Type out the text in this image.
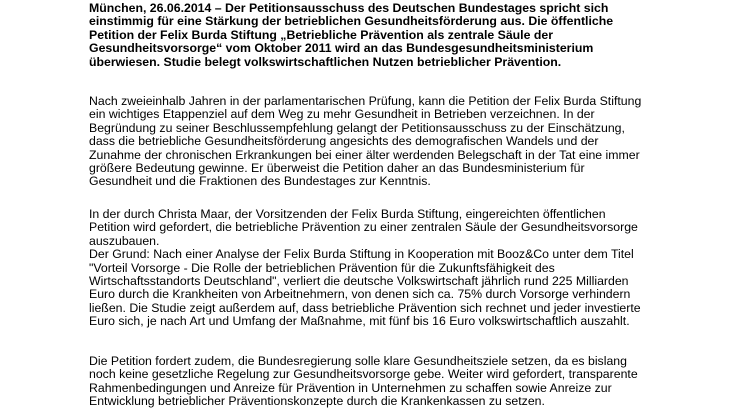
München, 26.06.2014 – Der Petitionsausschuss des Deutschen Bundestages spricht sich
einstimmig für eine Stärkung der betrieblichen Gesundheitsförderung aus. Die öffentliche
Petition der Felix Burda Stiftung „Betriebliche Prävention als zentrale Säule der
Gesundheitsvorsorge“ vom Oktober 2011 wird an das Bundesgesundheitsministerium
überwiesen. Studie belegt volkswirtschaftlichen Nutzen betrieblicher Prävention.

Nach zweieinhalb Jahren in der parlamentarischen Prüfung, kann die Petition der Felix Burda Stiftung
ein wichtiges Etappenziel auf dem Weg zu mehr Gesundheit in Betrieben verzeichnen. In der
Begründung zu seiner Beschlussempfehlung gelangt der Petitionsausschuss zu der Einschätzung,
dass die betriebliche Gesundheitsförderung angesichts des demografischen Wandels und der
Zunahme der chronischen Erkrankungen bei einer älter werdenden Belegschaft in der Tat eine immer
größere Bedeutung gewinne. Er überweist die Petition daher an das Bundesministerium für
Gesundheit und die Fraktionen des Bundestages zur Kenntnis.

In der durch Christa Maar, der Vorsitzenden der Felix Burda Stiftung, eingereichten öffentlichen
Petition wird gefordert, die betriebliche Prävention zu einer zentralen Säule der Gesundheitsvorsorge
auszubauen.
Der Grund: Nach einer Analyse der Felix Burda Stiftung in Kooperation mit Booz&Co unter dem Titel
"Vorteil Vorsorge - Die Rolle der betrieblichen Prävention für die Zukunftsfähigkeit des
Wirtschaftsstandorts Deutschland", verliert die deutsche Volkswirtschaft jährlich rund 225 Milliarden
Euro durch die Krankheiten von Arbeitnehmern, von denen sich ca. 75% durch Vorsorge verhindern
ließen. Die Studie zeigt außerdem auf, dass betriebliche Prävention sich rechnet und jeder investierte
Euro sich, je nach Art und Umfang der Maßnahme, mit fünf bis 16 Euro volkswirtschaftlich auszahlt.

Die Petition fordert zudem, die Bundesregierung solle klare Gesundheitsziele setzen, da es bislang
noch keine gesetzliche Regelung zur Gesundheitsvorsorge gebe. Weiter wird gefordert, transparente
Rahmenbedingungen und Anreize für Prävention in Unternehmen zu schaffen sowie Anreize zur
Entwicklung betrieblicher Präventionskonzepte durch die Krankenkassen zu setzen.
